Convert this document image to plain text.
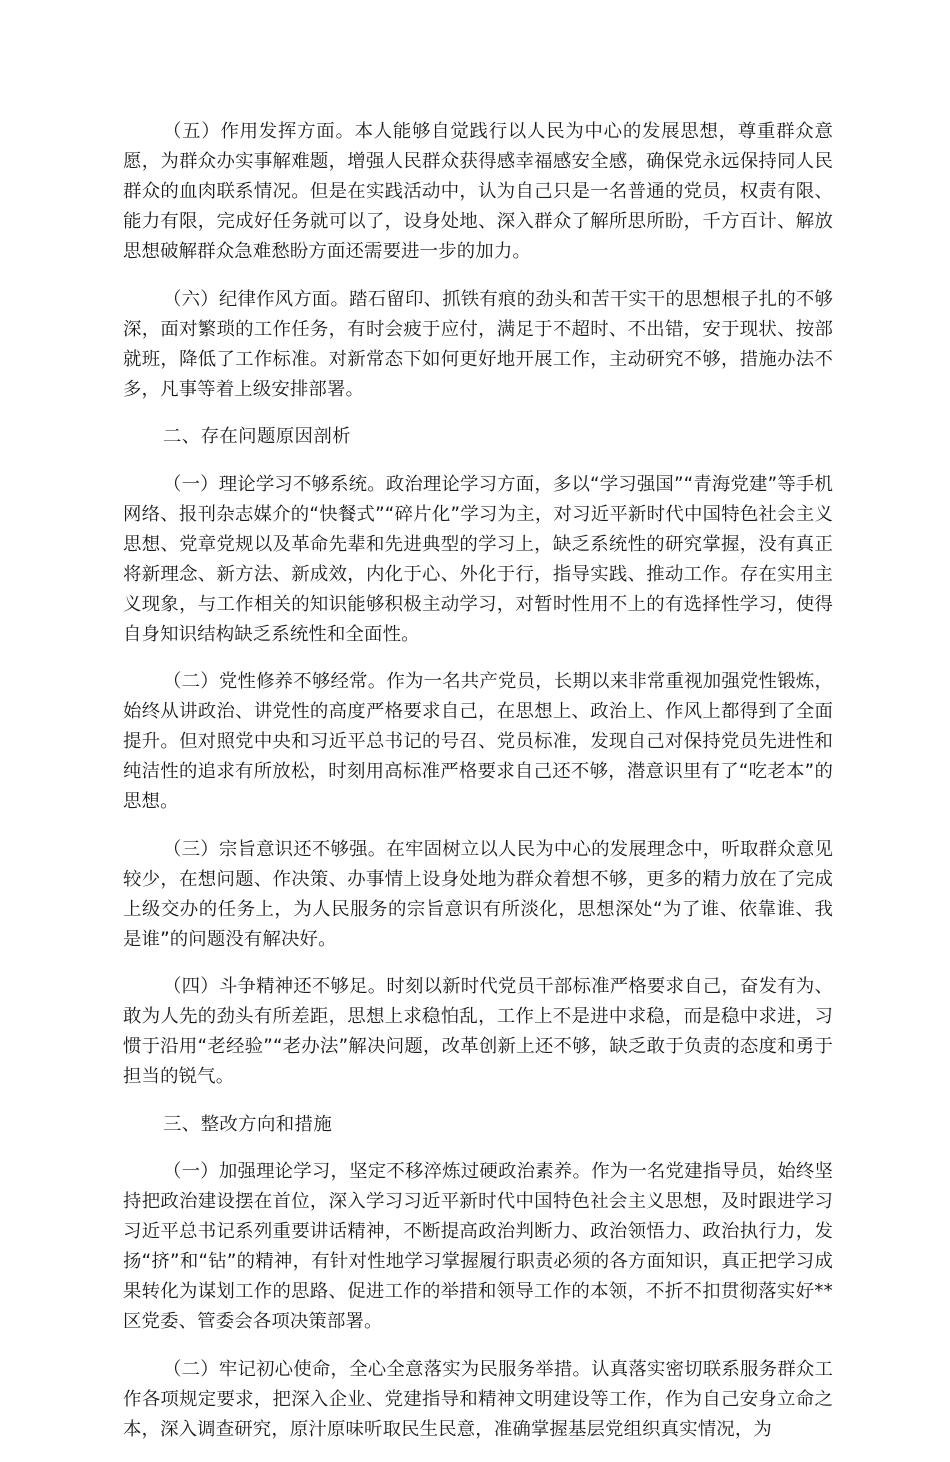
（五）作用发挥方面。本人能够自觉践行以人民为中心的发展思想，尊重群众意愿，为群众办实事解难题，增强人民群众获得感幸福感安全感，确保党永远保持同人民群众的血肉联系情况。但是在实践活动中，认为自己只是一名普通的党员，权责有限、能力有限，完成好任务就可以了，设身处地、深入群众了解所思所盼，千方百计、解放思想破解群众急难愁盼方面还需要进一步的加力。

（六）纪律作风方面。踏石留印、抓铁有痕的劲头和苦干实干的思想根子扎的不够深，面对繁琐的工作任务，有时会疲于应付，满足于不超时、不出错，安于现状、按部就班，降低了工作标准。对新常态下如何更好地开展工作，主动研究不够，措施办法不多，凡事等着上级安排部署。

二、存在问题原因剖析

（一）理论学习不够系统。政治理论学习方面，多以“学习强国”“青海党建”等手机网络、报刊杂志媒介的“快餐式”“碎片化”学习为主，对习近平新时代中国特色社会主义思想、党章党规以及革命先辈和先进典型的学习上，缺乏系统性的研究掌握，没有真正将新理念、新方法、新成效，内化于心、外化于行，指导实践、推动工作。存在实用主义现象，与工作相关的知识能够积极主动学习，对暂时性用不上的有选择性学习，使得自身知识结构缺乏系统性和全面性。

（二）党性修养不够经常。作为一名共产党员，长期以来非常重视加强党性锻炼，始终从讲政治、讲党性的高度严格要求自己，在思想上、政治上、作风上都得到了全面提升。但对照党中央和习近平总书记的号召、党员标准，发现自己对保持党员先进性和纯洁性的追求有所放松，时刻用高标准严格要求自己还不够，潜意识里有了“吃老本”的思想。

（三）宗旨意识还不够强。在牢固树立以人民为中心的发展理念中，听取群众意见较少，在想问题、作决策、办事情上设身处地为群众着想不够，更多的精力放在了完成上级交办的任务上，为人民服务的宗旨意识有所淡化，思想深处“为了谁、依靠谁、我是谁”的问题没有解决好。

（四）斗争精神还不够足。时刻以新时代党员干部标准严格要求自己，奋发有为、敢为人先的劲头有所差距，思想上求稳怕乱，工作上不是进中求稳，而是稳中求进，习惯于沿用“老经验”“老办法”解决问题，改革创新上还不够，缺乏敢于负责的态度和勇于担当的锐气。

三、整改方向和措施

（一）加强理论学习，坚定不移淬炼过硬政治素养。作为一名党建指导员，始终坚持把政治建设摆在首位，深入学习习近平新时代中国特色社会主义思想，及时跟进学习习近平总书记系列重要讲话精神，不断提高政治判断力、政治领悟力、政治执行力，发扬“挤”和“钻”的精神，有针对性地学习掌握履行职责必须的各方面知识，真正把学习成果转化为谋划工作的思路、促进工作的举措和领导工作的本领，不折不扣贯彻落实好**区党委、管委会各项决策部署。

（二）牢记初心使命，全心全意落实为民服务举措。认真落实密切联系服务群众工作各项规定要求，把深入企业、党建指导和精神文明建设等工作，作为自己安身立命之本，深入调查研究，原汁原味听取民生民意，准确掌握基层党组织真实情况，为
